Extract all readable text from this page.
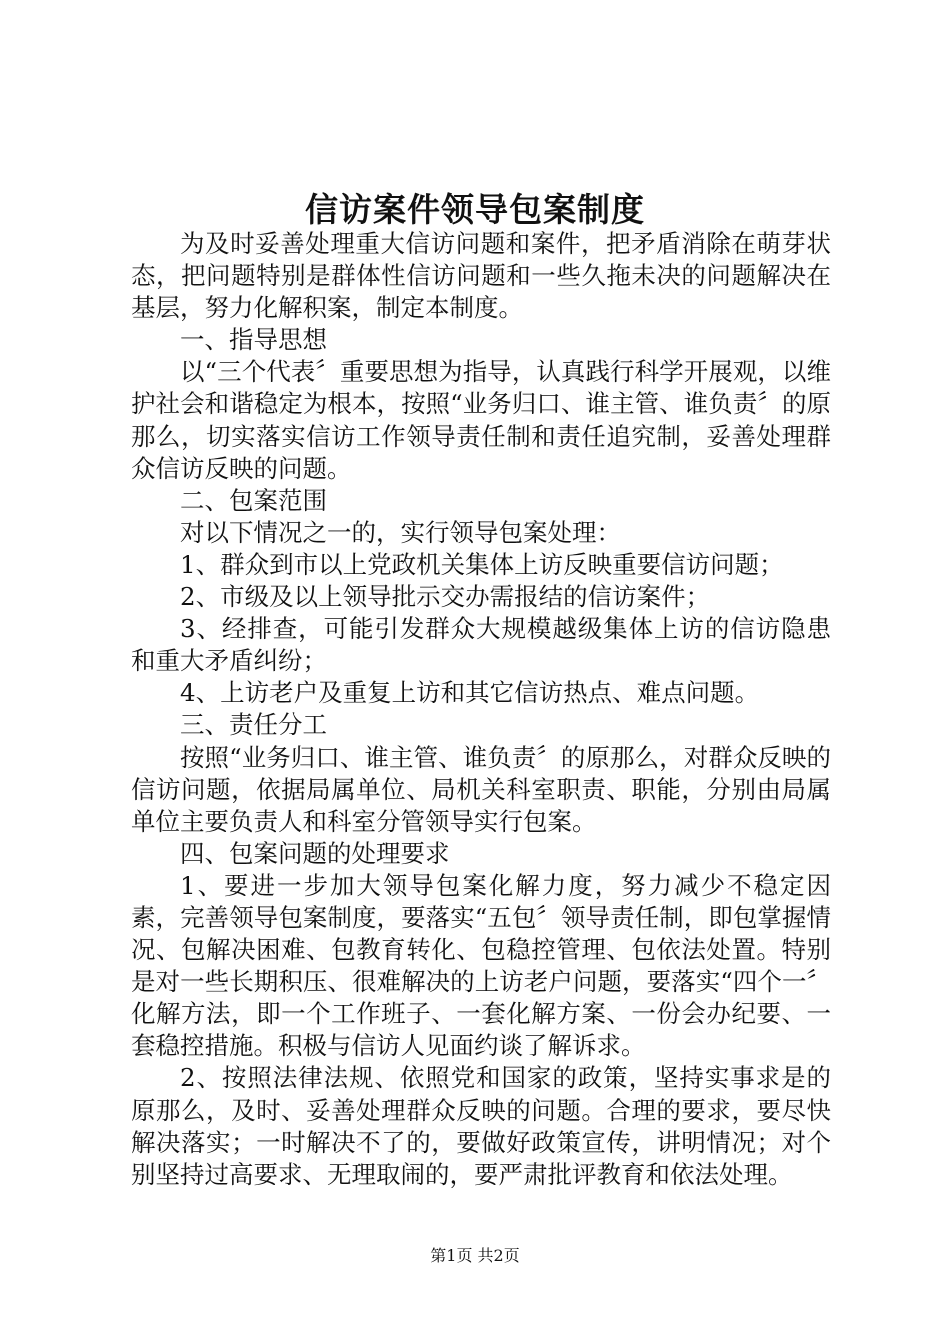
信访案件领导包案制度

为及时妥善处理重大信访问题和案件，把矛盾消除在萌芽状态，把问题特别是群体性信访问题和一些久拖未决的问题解决在基层，努力化解积案，制定本制度。

一、指导思想

以“三个代表〞重要思想为指导，认真践行科学开展观，以维护社会和谐稳定为根本，按照“业务归口、谁主管、谁负责〞的原那么，切实落实信访工作领导责任制和责任追究制，妥善处理群众信访反映的问题。

二、包案范围

对以下情况之一的，实行领导包案处理：

1、群众到市以上党政机关集体上访反映重要信访问题；

2、市级及以上领导批示交办需报结的信访案件；

3、经排查，可能引发群众大规模越级集体上访的信访隐患和重大矛盾纠纷；

4、上访老户及重复上访和其它信访热点、难点问题。

三、责任分工

按照“业务归口、谁主管、谁负责〞的原那么，对群众反映的信访问题，依据局属单位、局机关科室职责、职能，分别由局属单位主要负责人和科室分管领导实行包案。

四、包案问题的处理要求

1、要进一步加大领导包案化解力度，努力减少不稳定因素，完善领导包案制度，要落实“五包〞领导责任制，即包掌握情况、包解决困难、包教育转化、包稳控管理、包依法处置。特别是对一些长期积压、很难解决的上访老户问题，要落实“四个一〞化解方法，即一个工作班子、一套化解方案、一份会办纪要、一套稳控措施。积极与信访人见面约谈了解诉求。

2、按照法律法规、依照党和国家的政策，坚持实事求是的原那么，及时、妥善处理群众反映的问题。合理的要求，要尽快解决落实；一时解决不了的，要做好政策宣传，讲明情况；对个别坚持过高要求、无理取闹的，要严肃批评教育和依法处理。

第1页 共2页
